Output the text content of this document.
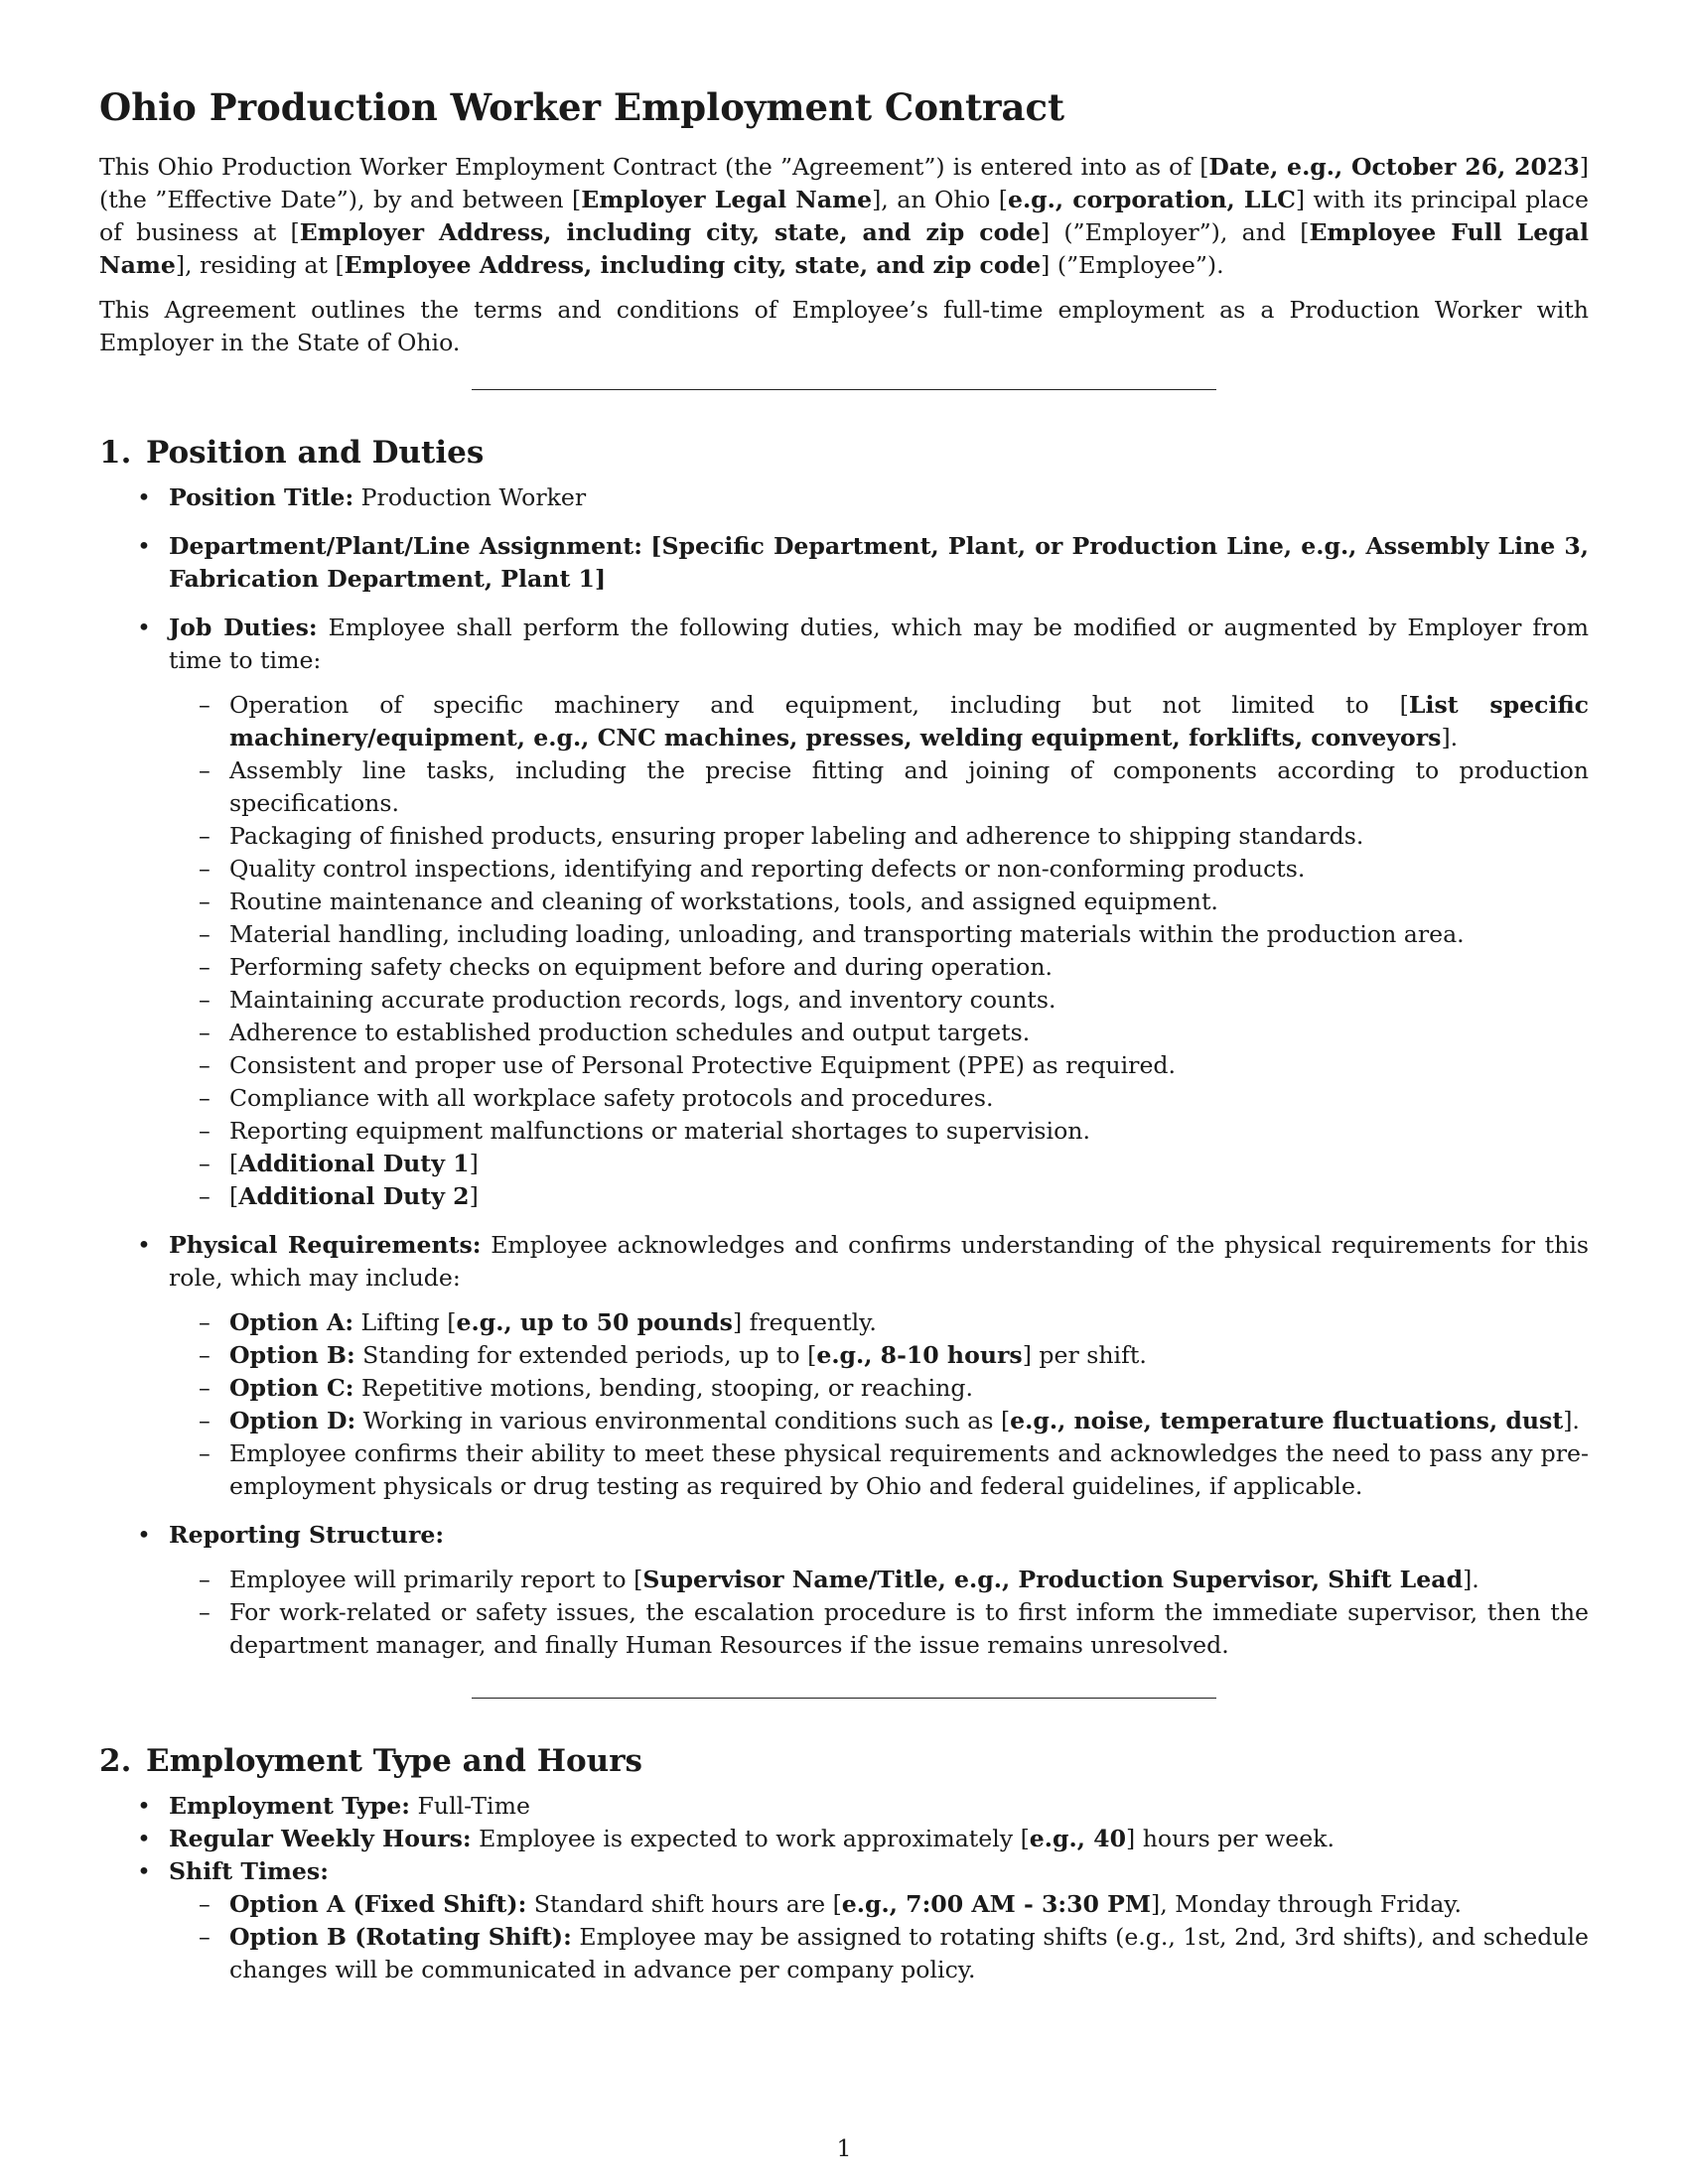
Ohio Production Worker Employment Contract

This Ohio Production Worker Employment Contract (the ”Agreement”) is entered into as of [Date, e.g., October 26, 2023] (the ”Effective Date”), by and between [Employer Legal Name], an Ohio [e.g., corporation, LLC] with its principal place of business at [Employer Address, including city, state, and zip code] (”Employer”), and [Employee Full Legal Name], residing at [Employee Address, including city, state, and zip code] (”Employee”).

This Agreement outlines the terms and conditions of Employee’s full-time employment as a Production Worker with Employer in the State of Ohio.

1. Position and Duties
• Position Title: Production Worker
• Department/Plant/Line Assignment: [Specific Department, Plant, or Production Line, e.g., Assembly Line 3, Fabrication Department, Plant 1]
• Job Duties: Employee shall perform the following duties, which may be modified or augmented by Employer from time to time:
– Operation of specific machinery and equipment, including but not limited to [List specific machinery/equipment, e.g., CNC machines, presses, welding equipment, forklifts, conveyors].
– Assembly line tasks, including the precise fitting and joining of components according to production specifications.
– Packaging of finished products, ensuring proper labeling and adherence to shipping standards.
– Quality control inspections, identifying and reporting defects or non-conforming products.
– Routine maintenance and cleaning of workstations, tools, and assigned equipment.
– Material handling, including loading, unloading, and transporting materials within the production area.
– Performing safety checks on equipment before and during operation.
– Maintaining accurate production records, logs, and inventory counts.
– Adherence to established production schedules and output targets.
– Consistent and proper use of Personal Protective Equipment (PPE) as required.
– Compliance with all workplace safety protocols and procedures.
– Reporting equipment malfunctions or material shortages to supervision.
– [Additional Duty 1]
– [Additional Duty 2]
• Physical Requirements: Employee acknowledges and confirms understanding of the physical requirements for this role, which may include:
– Option A: Lifting [e.g., up to 50 pounds] frequently.
– Option B: Standing for extended periods, up to [e.g., 8-10 hours] per shift.
– Option C: Repetitive motions, bending, stooping, or reaching.
– Option D: Working in various environmental conditions such as [e.g., noise, temperature fluctuations, dust].
– Employee confirms their ability to meet these physical requirements and acknowledges the need to pass any pre-employment physicals or drug testing as required by Ohio and federal guidelines, if applicable.
• Reporting Structure:
– Employee will primarily report to [Supervisor Name/Title, e.g., Production Supervisor, Shift Lead].
– For work-related or safety issues, the escalation procedure is to first inform the immediate supervisor, then the department manager, and finally Human Resources if the issue remains unresolved.
2. Employment Type and Hours
• Employment Type: Full-Time
• Regular Weekly Hours: Employee is expected to work approximately [e.g., 40] hours per week.
• Shift Times:
– Option A (Fixed Shift): Standard shift hours are [e.g., 7:00 AM - 3:30 PM], Monday through Friday.
– Option B (Rotating Shift): Employee may be assigned to rotating shifts (e.g., 1st, 2nd, 3rd shifts), and schedule changes will be communicated in advance per company policy.
1
